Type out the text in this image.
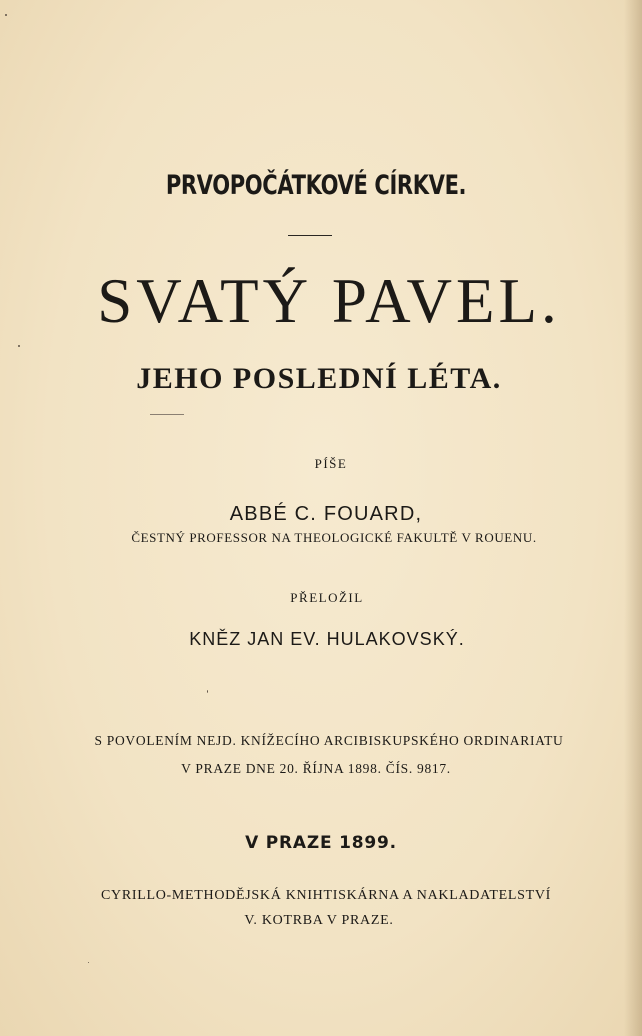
PRVOPOČÁTKOVÉ CÍRKVE.
SVATÝ PAVEL.
JEHO POSLEDNÍ LÉTA.
PÍŠE
ABBÉ C. FOUARD,
ČESTNÝ PROFESSOR NA THEOLOGICKÉ FAKULTĚ V ROUENU.
PŘELOŽIL
KNĚZ JAN EV. HULAKOVSKÝ.
S POVOLENÍM NEJD. KNÍŽECÍHO ARCIBISKUPSKÉHO ORDINARIATU
V PRAZE DNE 20. ŘÍJNA 1898. ČÍS. 9817.
V PRAZE 1899.
CYRILLO-METHODĚJSKÁ KNIHTISKÁRNA A NAKLADATELSTVÍ
V. KOTRBA V PRAZE.
